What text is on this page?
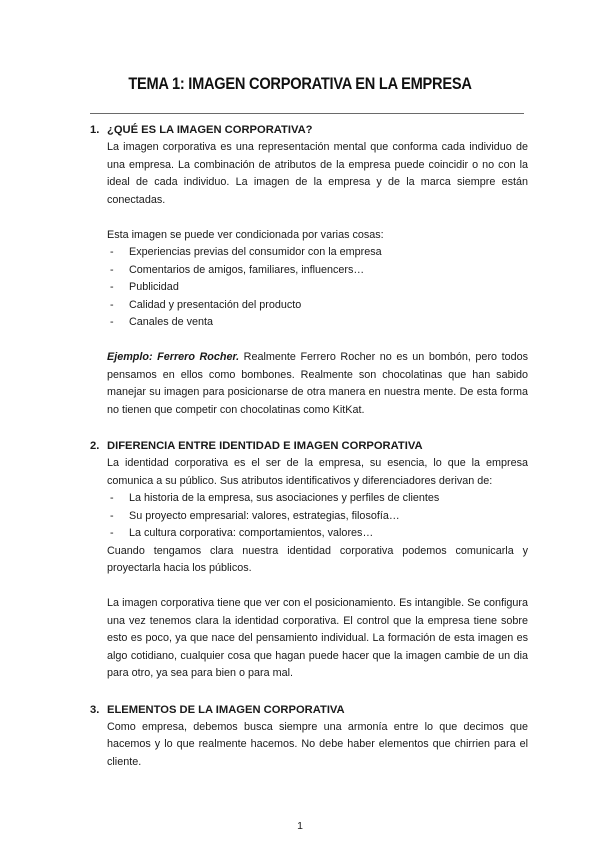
TEMA 1: IMAGEN CORPORATIVA EN LA EMPRESA
1. ¿QUÉ ES LA IMAGEN CORPORATIVA?

La imagen corporativa es una representación mental que conforma cada individuo de una empresa. La combinación de atributos de la empresa puede coincidir o no con la ideal de cada individuo. La imagen de la empresa y de la marca siempre están conectadas.

Esta imagen se puede ver condicionada por varias cosas:

-	Experiencias previas del consumidor con la empresa
-	Comentarios de amigos, familiares, influencers…
-	Publicidad
-	Calidad y presentación del producto
-	Canales de venta

Ejemplo: Ferrero Rocher. Realmente Ferrero Rocher no es un bombón, pero todos pensamos en ellos como bombones. Realmente son chocolatinas que han sabido manejar su imagen para posicionarse de otra manera en nuestra mente. De esta forma no tienen que competir con chocolatinas como KitKat.

2. DIFERENCIA ENTRE IDENTIDAD E IMAGEN CORPORATIVA

La identidad corporativa es el ser de la empresa, su esencia, lo que la empresa comunica a su público. Sus atributos identificativos y diferenciadores derivan de:

-	La historia de la empresa, sus asociaciones y perfiles de clientes
-	Su proyecto empresarial: valores, estrategias, filosofía…
-	La cultura corporativa: comportamientos, valores…

Cuando tengamos clara nuestra identidad corporativa podemos comunicarla y proyectarla hacia los públicos.

La imagen corporativa tiene que ver con el posicionamiento. Es intangible. Se configura una vez tenemos clara la identidad corporativa. El control que la empresa tiene sobre esto es poco, ya que nace del pensamiento individual. La formación de esta imagen es algo cotidiano, cualquier cosa que hagan puede hacer que la imagen cambie de un dia para otro, ya sea para bien o para mal.

3. ELEMENTOS DE LA IMAGEN CORPORATIVA

Como empresa, debemos busca siempre una armonía entre lo que decimos que hacemos y lo que realmente hacemos. No debe haber elementos que chirrien para el cliente.

1
